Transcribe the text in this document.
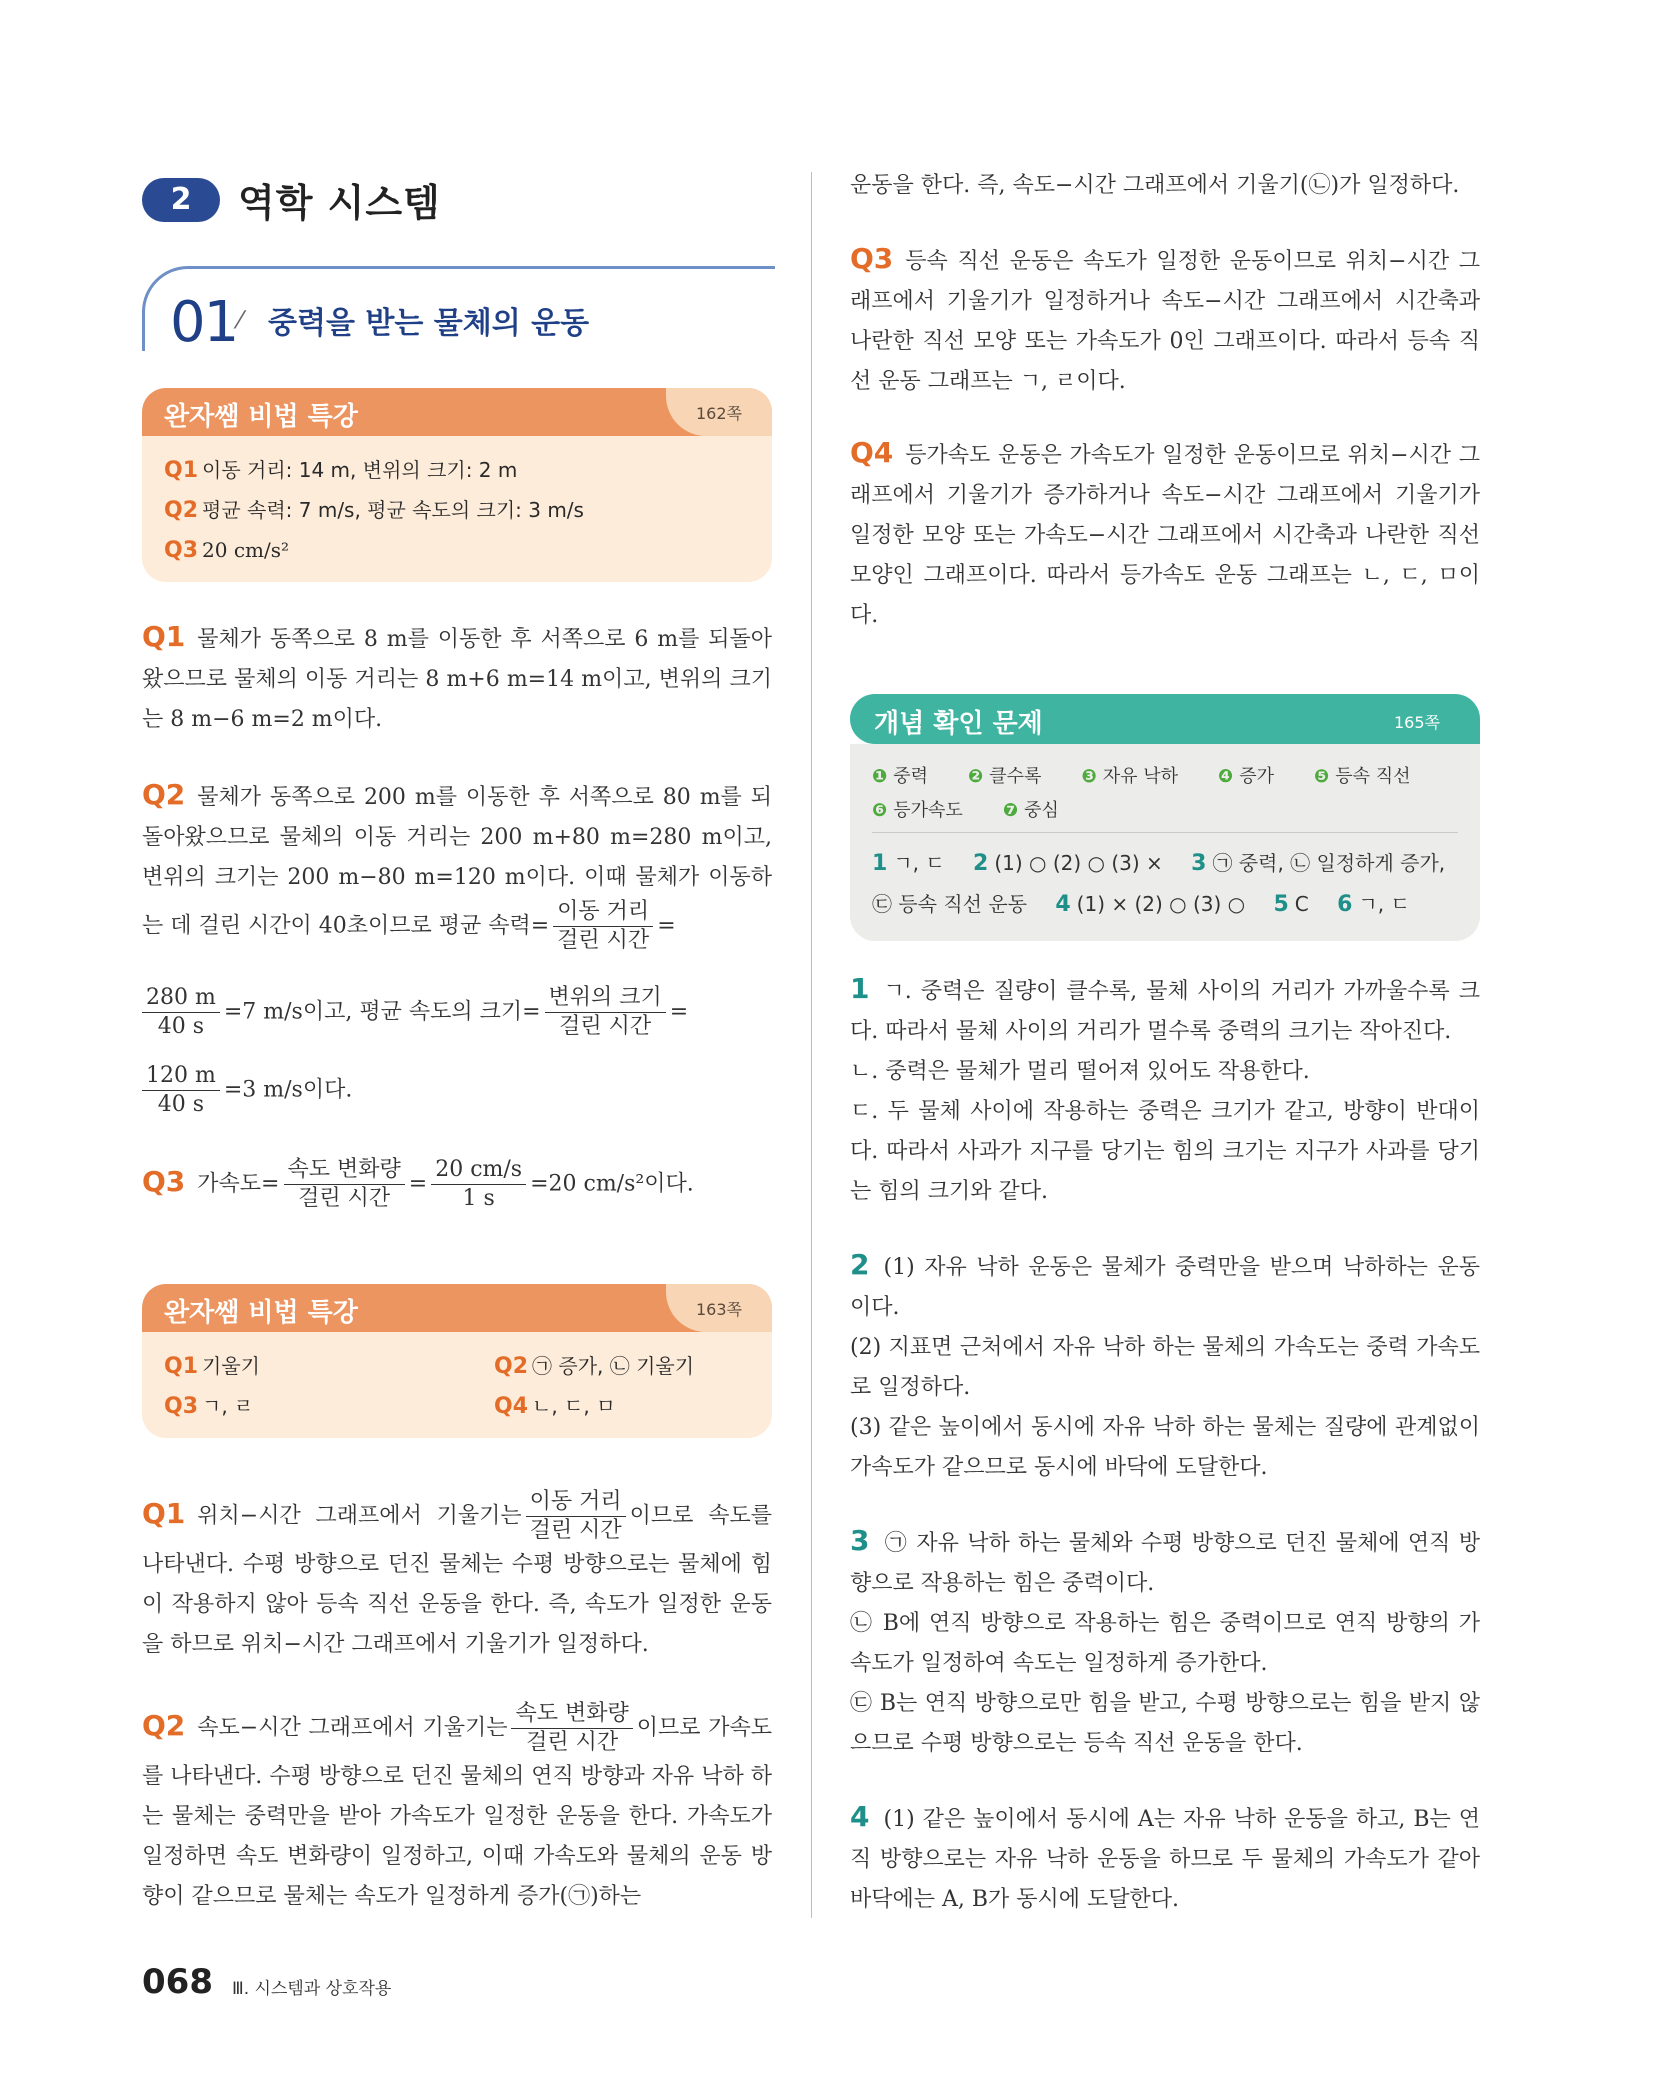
2	역학 시스템
01 ⁄ 중력을 받는 물체의 운동
완자쌤 비법 특강	162쪽
Q1 이동 거리: 14 m, 변위의 크기: 2 m
Q2 평균 속력: 7 m/s, 평균 속도의 크기: 3 m/s
Q3 20 cm/s²
Q1 물체가 동쪽으로 8 m를 이동한 후 서쪽으로 6 m를 되돌아왔으므로 물체의 이동 거리는 8 m+6 m=14 m이고, 변위의 크기는 8 m−6 m=2 m이다.
Q2 물체가 동쪽으로 200 m를 이동한 후 서쪽으로 80 m를 되돌아왔으므로 물체의 이동 거리는 200 m+80 m=280 m이고, 변위의 크기는 200 m−80 m=120 m이다. 이때 물체가 이동하는 데 걸린 시간이 40초이므로 평균 속력= $\frac{\text{이동 거리}}{\text{걸린 시간}}$ =
$\frac{280 m}{40 s} =7$ m/s이고, 평균 속도의 크기= $\frac{\text{변위의 크기}}{\text{걸린 시간}}$ =
$\frac{120 m}{40 s} =3$ m/s이다.
Q3 가속도= $\frac{\text{속도 변화량}}{\text{걸린 시간}} = \frac{20 cm/s}{1 s} =20$ cm/s²이다.
완자쌤 비법 특강	163쪽
Q1 기울기	Q2 ㉠ 증가, ㉡ 기울기
Q3 ㄱ, ㄹ	Q4 ㄴ, ㄷ, ㅁ
Q1 위치−시간 그래프에서 기울기는 $\frac{\text{이동 거리}}{\text{걸린 시간}}$ 이므로 속도를 나타낸다. 수평 방향으로 던진 물체는 수평 방향으로는 물체에 힘이 작용하지 않아 등속 직선 운동을 한다. 즉, 속도가 일정한 운동을 하므로 위치−시간 그래프에서 기울기가 일정하다.
Q2 속도−시간 그래프에서 기울기는 $\frac{\text{속도 변화량}}{\text{걸린 시간}}$ 이므로 가속도를 나타낸다. 수평 방향으로 던진 물체의 연직 방향과 자유 낙하 하는 물체는 중력만을 받아 가속도가 일정한 운동을 한다. 가속도가 일정하면 속도 변화량이 일정하고, 이때 가속도와 물체의 운동 방향이 같으므로 물체는 속도가 일정하게 증가(㉠)하는
운동을 한다. 즉, 속도−시간 그래프에서 기울기(㉡)가 일정하다.
Q3 등속 직선 운동은 속도가 일정한 운동이므로 위치−시간 그래프에서 기울기가 일정하거나 속도−시간 그래프에서 시간축과 나란한 직선 모양 또는 가속도가 0인 그래프이다. 따라서 등속 직선 운동 그래프는 ㄱ, ㄹ이다.
Q4 등가속도 운동은 가속도가 일정한 운동이므로 위치−시간 그래프에서 기울기가 증가하거나 속도−시간 그래프에서 기울기가 일정한 모양 또는 가속도−시간 그래프에서 시간축과 나란한 직선 모양인 그래프이다. 따라서 등가속도 운동 그래프는 ㄴ, ㄷ, ㅁ이다.
개념 확인 문제	165쪽
❶ 중력 ❷ 클수록 ❸ 자유 낙하 ❹ 증가 ❺ 등속 직선
❻ 등가속도 ❼ 중심
1 ㄱ, ㄷ 2 (1) ○ (2) ○ (3) × 3 ㉠ 중력, ㉡ 일정하게 증가,
㉢ 등속 직선 운동 4 (1) × (2) ○ (3) ○ 5 C 6 ㄱ, ㄷ
1 ㄱ. 중력은 질량이 클수록, 물체 사이의 거리가 가까울수록 크다. 따라서 물체 사이의 거리가 멀수록 중력의 크기는 작아진다.
ㄴ. 중력은 물체가 멀리 떨어져 있어도 작용한다.
ㄷ. 두 물체 사이에 작용하는 중력은 크기가 같고, 방향이 반대이다. 따라서 사과가 지구를 당기는 힘의 크기는 지구가 사과를 당기는 힘의 크기와 같다.
2 (1) 자유 낙하 운동은 물체가 중력만을 받으며 낙하하는 운동이다.
(2) 지표면 근처에서 자유 낙하 하는 물체의 가속도는 중력 가속도로 일정하다.
(3) 같은 높이에서 동시에 자유 낙하 하는 물체는 질량에 관계없이 가속도가 같으므로 동시에 바닥에 도달한다.
3 ㉠ 자유 낙하 하는 물체와 수평 방향으로 던진 물체에 연직 방향으로 작용하는 힘은 중력이다.
㉡ B에 연직 방향으로 작용하는 힘은 중력이므로 연직 방향의 가속도가 일정하여 속도는 일정하게 증가한다.
㉢ B는 연직 방향으로만 힘을 받고, 수평 방향으로는 힘을 받지 않으므로 수평 방향으로는 등속 직선 운동을 한다.
4 (1) 같은 높이에서 동시에 A는 자유 낙하 운동을 하고, B는 연직 방향으로는 자유 낙하 운동을 하므로 두 물체의 가속도가 같아 바닥에는 A, B가 동시에 도달한다.
068 Ⅲ. 시스템과 상호작용
